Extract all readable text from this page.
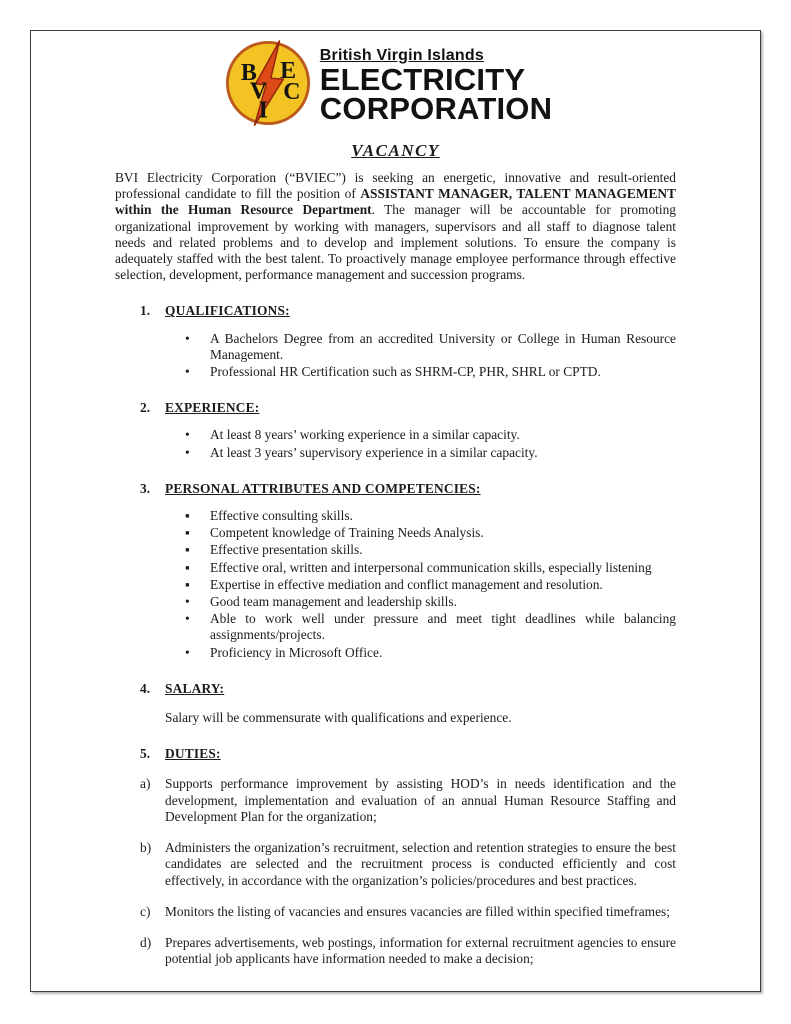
B
V
I
E
C
British Virgin Islands
ELECTRICITY
CORPORATION
VACANCY

BVI Electricity Corporation (“BVIEC”) is seeking an energetic, innovative and result-oriented professional candidate to fill the position of ASSISTANT MANAGER, TALENT MANAGEMENT within the Human Resource Department. The manager will be accountable for promoting organizational improvement by working with managers, supervisors and all staff to diagnose talent needs and related problems and to develop and implement solutions. To ensure the company is adequately staffed with the best talent. To proactively manage employee performance through effective selection, development, performance management and succession programs.

1. QUALIFICATIONS:
• A Bachelors Degree from an accredited University or College in Human Resource Management.
• Professional HR Certification such as SHRM-CP, PHR, SHRL or CPTD.
2. EXPERIENCE:
• At least 8 years’ working experience in a similar capacity.
• At least 3 years’ supervisory experience in a similar capacity.
3. PERSONAL ATTRIBUTES AND COMPETENCIES:
▪ Effective consulting skills.
▪ Competent knowledge of Training Needs Analysis.
▪ Effective presentation skills.
▪ Effective oral, written and interpersonal communication skills, especially listening
▪ Expertise in effective mediation and conflict management and resolution.
• Good team management and leadership skills.
• Able to work well under pressure and meet tight deadlines while balancing assignments/projects.
• Proficiency in Microsoft Office.
4. SALARY:

Salary will be commensurate with qualifications and experience.

5. DUTIES:
a) Supports performance improvement by assisting HOD’s in needs identification and the development, implementation and evaluation of an annual Human Resource Staffing and Development Plan for the organization;
b) Administers the organization’s recruitment, selection and retention strategies to ensure the best candidates are selected and the recruitment process is conducted efficiently and cost effectively, in accordance with the organization’s policies/procedures and best practices.
c) Monitors the listing of vacancies and ensures vacancies are filled within specified timeframes;
d) Prepares advertisements, web postings, information for external recruitment agencies to ensure potential job applicants have information needed to make a decision;
